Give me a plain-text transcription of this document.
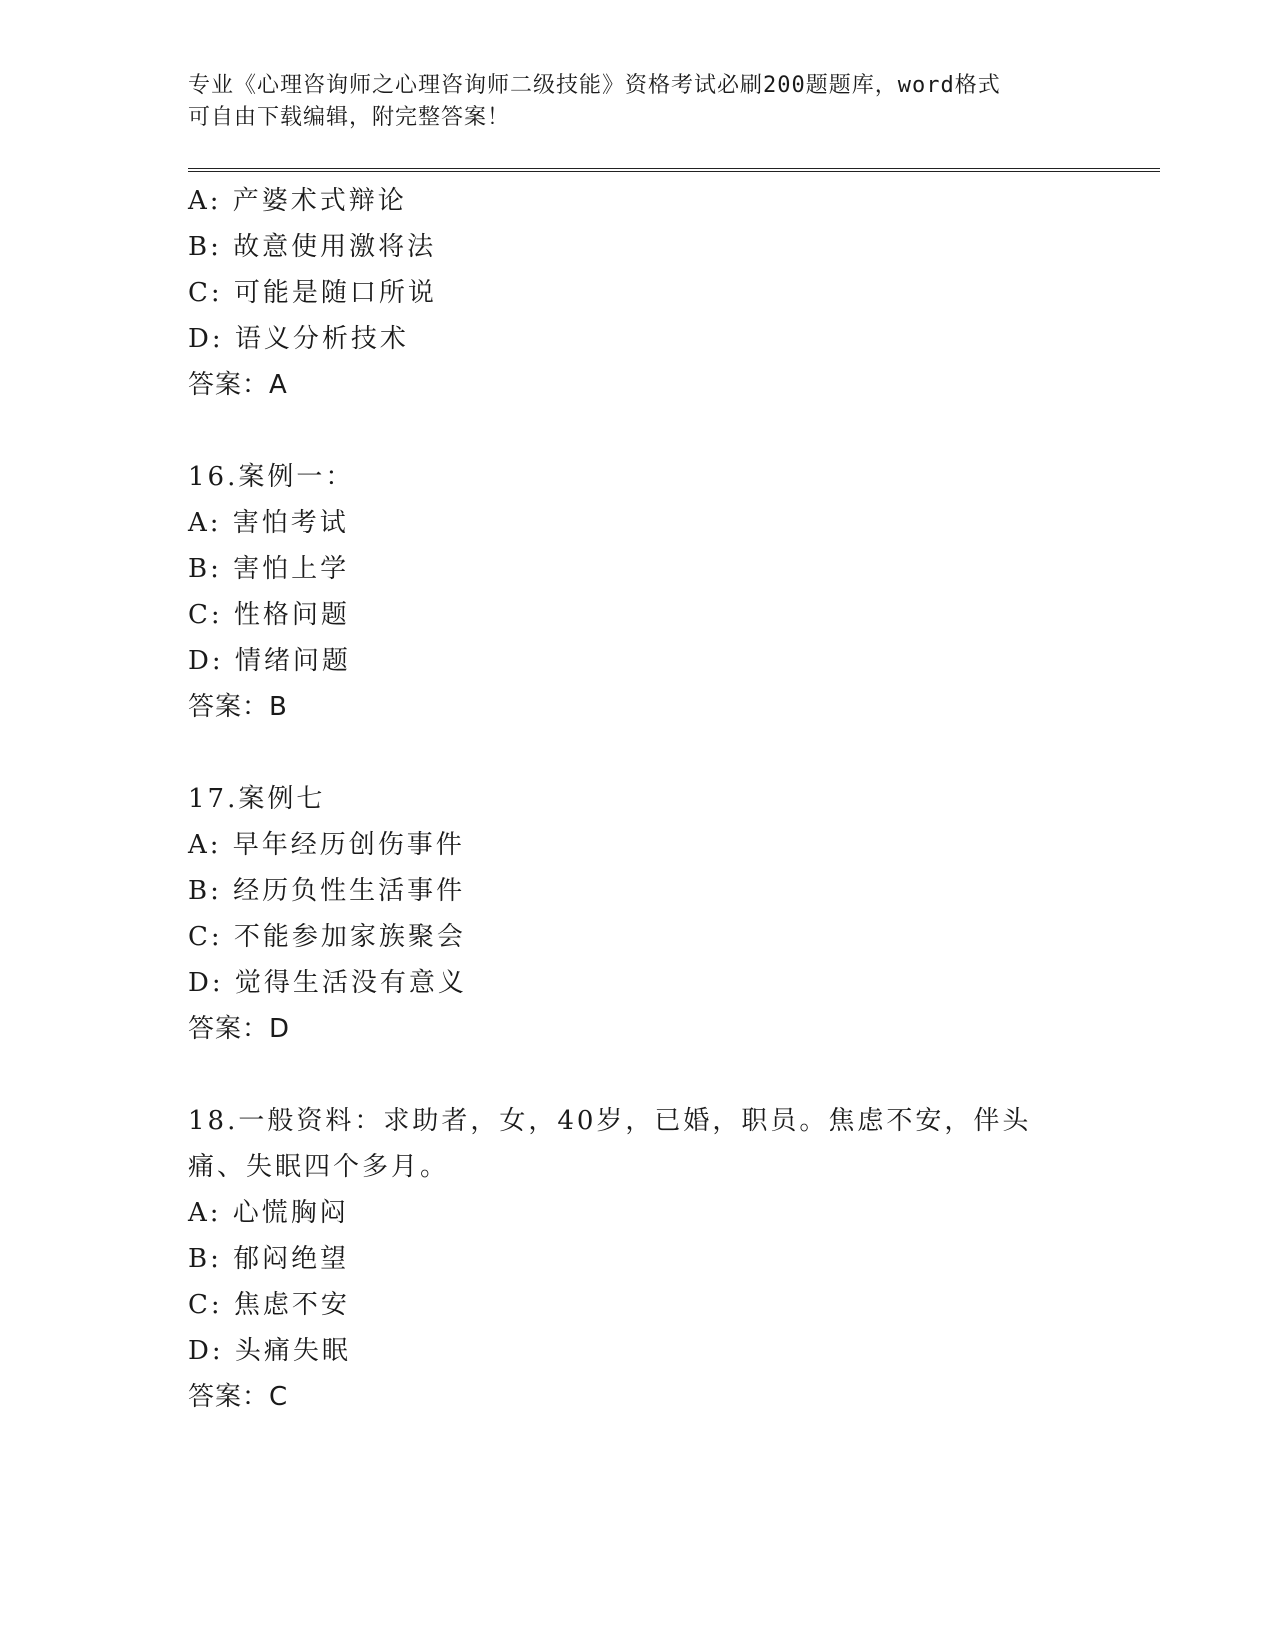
专业《心理咨询师之心理咨询师二级技能》资格考试必刷200题题库，word格式
可自由下载编辑，附完整答案！
A: 产婆术式辩论
B: 故意使用激将法
C: 可能是随口所说
D: 语义分析技术
答案：A
16.案例一：
A: 害怕考试
B: 害怕上学
C: 性格问题
D: 情绪问题
答案：B
17.案例七
A: 早年经历创伤事件
B: 经历负性生活事件
C: 不能参加家族聚会
D: 觉得生活没有意义
答案：D
18.一般资料：求助者，女，40岁，已婚，职员。焦虑不安，伴头痛、失眠四个多月。
A: 心慌胸闷
B: 郁闷绝望
C: 焦虑不安
D: 头痛失眠
答案：C
